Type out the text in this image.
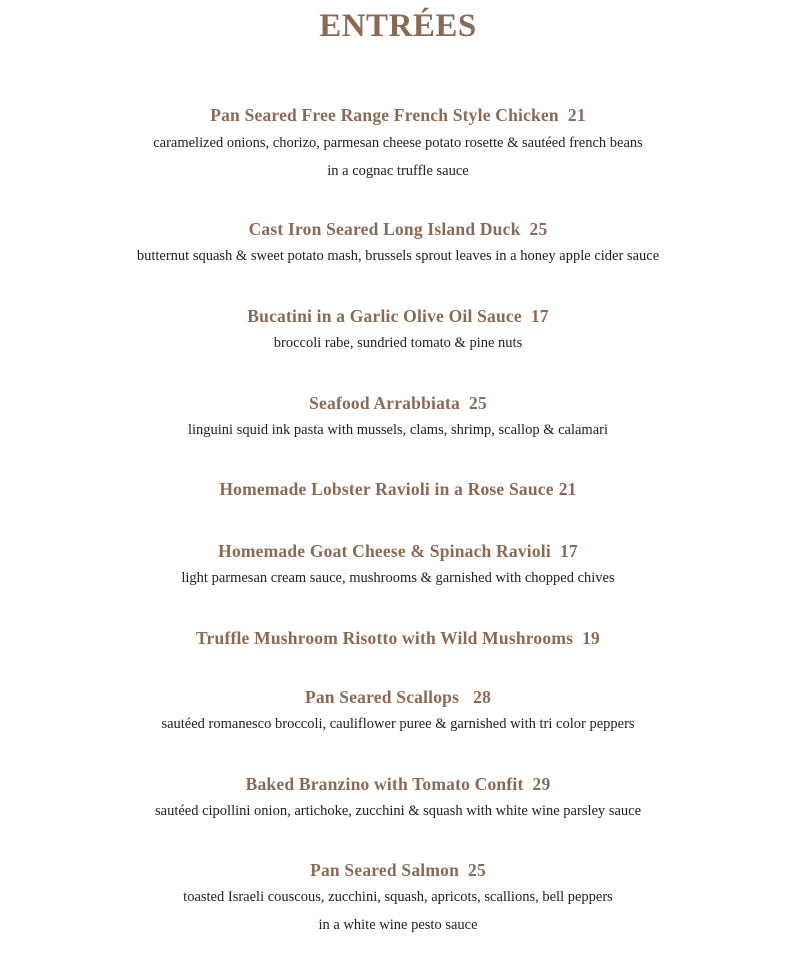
ENTRÉES
Pan Seared Free Range French Style Chicken 21
caramelized onions, chorizo, parmesan cheese potato rosette & sautéed french beans
in a cognac truffle sauce
Cast Iron Seared Long Island Duck 25
butternut squash & sweet potato mash, brussels sprout leaves in a honey apple cider sauce
Bucatini in a Garlic Olive Oil Sauce 17
broccoli rabe, sundried tomato & pine nuts
Seafood Arrabbiata 25
linguini squid ink pasta with mussels, clams, shrimp, scallop & calamari
Homemade Lobster Ravioli in a Rose Sauce 21
Homemade Goat Cheese & Spinach Ravioli 17
light parmesan cream sauce, mushrooms & garnished with chopped chives
Truffle Mushroom Risotto with Wild Mushrooms 19
Pan Seared Scallops 28
sautéed romanesco broccoli, cauliflower puree & garnished with tri color peppers
Baked Branzino with Tomato Confit 29
sautéed cipollini onion, artichoke, zucchini & squash with white wine parsley sauce
Pan Seared Salmon 25
toasted Israeli couscous, zucchini, squash, apricots, scallions, bell peppers
in a white wine pesto sauce
